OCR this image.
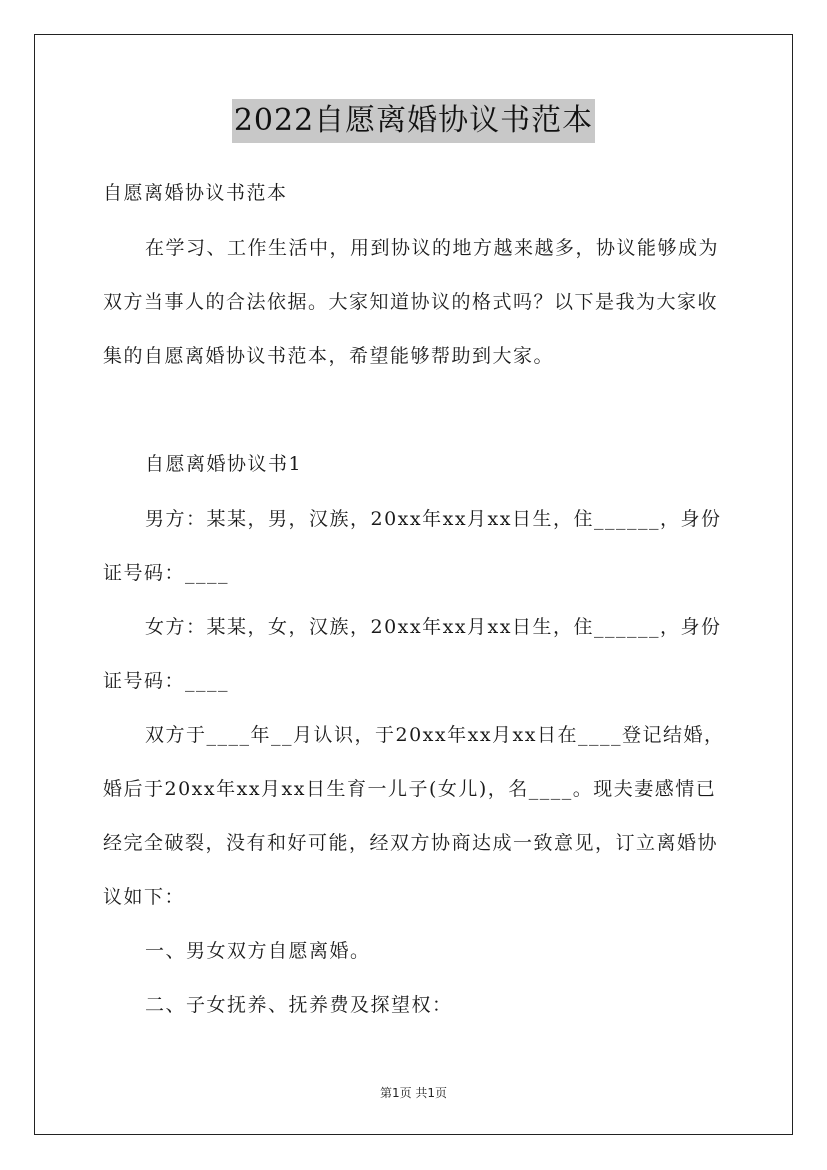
2022自愿离婚协议书范本
自愿离婚协议书范本
在学习、工作生活中，用到协议的地方越来越多，协议能够成为
双方当事人的合法依据。大家知道协议的格式吗？以下是我为大家收
集的自愿离婚协议书范本，希望能够帮助到大家。
自愿离婚协议书1
男方：某某，男，汉族，20xx年xx月xx日生，住______，身份
证号码：____
女方：某某，女，汉族，20xx年xx月xx日生，住______，身份
证号码：____
双方于____年__月认识，于20xx年xx月xx日在____登记结婚，
婚后于20xx年xx月xx日生育一儿子(女儿)，名____。现夫妻感情已
经完全破裂，没有和好可能，经双方协商达成一致意见，订立离婚协
议如下：
一、男女双方自愿离婚。
二、子女抚养、抚养费及探望权：
第1页 共1页
